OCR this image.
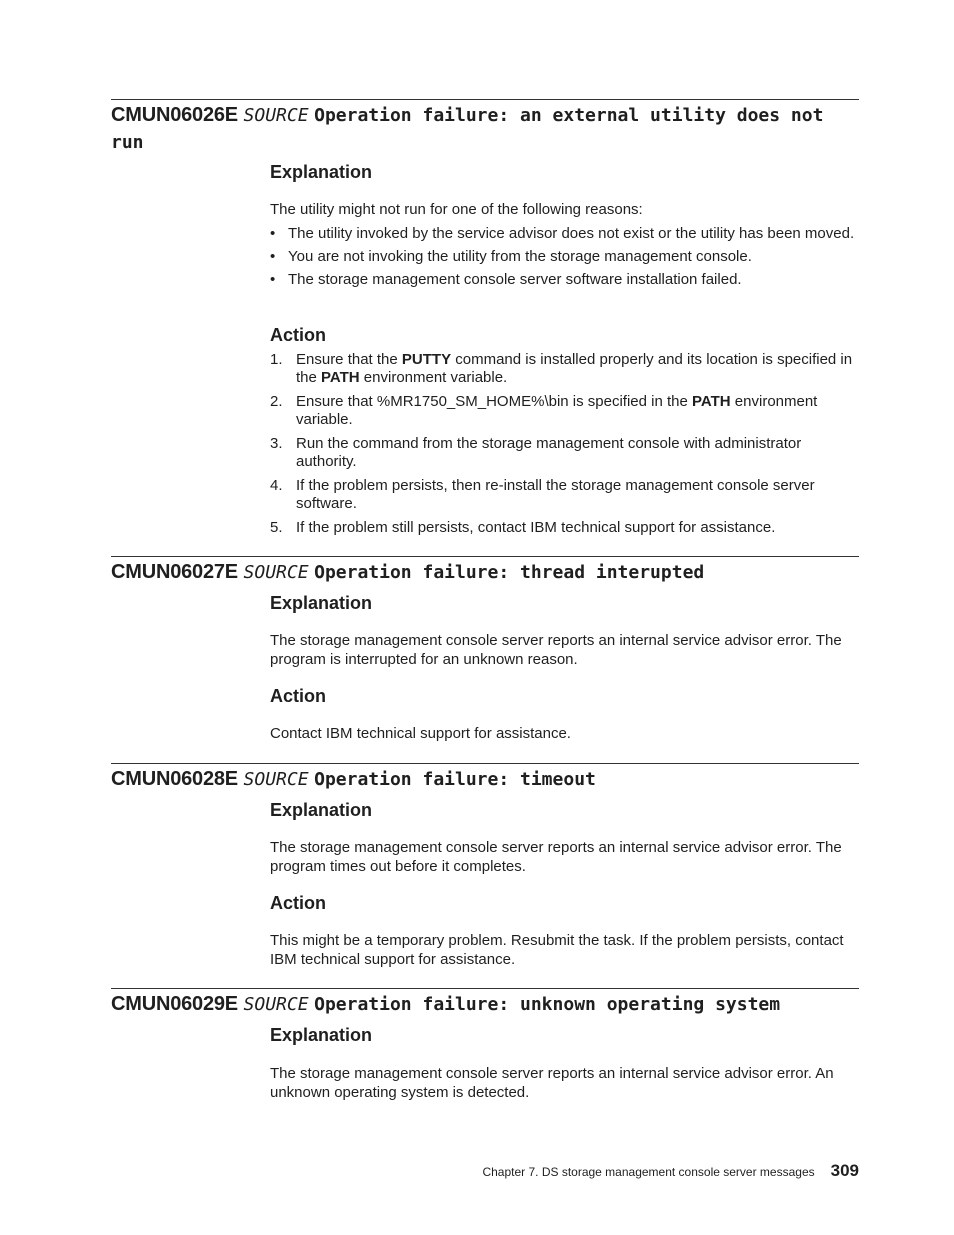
CMUN06026E SOURCE Operation failure: an external utility does not run
Explanation

The utility might not run for one of the following reasons:

• The utility invoked by the service advisor does not exist or the utility has been moved.
• You are not invoking the utility from the storage management console.
• The storage management console server software installation failed.
Action
1. Ensure that the PUTTY command is installed properly and its location is specified in the PATH environment variable.
2. Ensure that %MR1750_SM_HOME%\bin is specified in the PATH environment variable.
3. Run the command from the storage management console with administrator authority.
4. If the problem persists, then re-install the storage management console server software.
5. If the problem still persists, contact IBM technical support for assistance.
CMUN06027E SOURCE Operation failure: thread interupted
Explanation

The storage management console server reports an internal service advisor error. The program is interrupted for an unknown reason.

Action

Contact IBM technical support for assistance.

CMUN06028E SOURCE Operation failure: timeout
Explanation

The storage management console server reports an internal service advisor error. The program times out before it completes.

Action

This might be a temporary problem. Resubmit the task. If the problem persists, contact IBM technical support for assistance.

CMUN06029E SOURCE Operation failure: unknown operating system
Explanation

The storage management console server reports an internal service advisor error. An unknown operating system is detected.

Chapter 7. DS storage management console server messages 309
